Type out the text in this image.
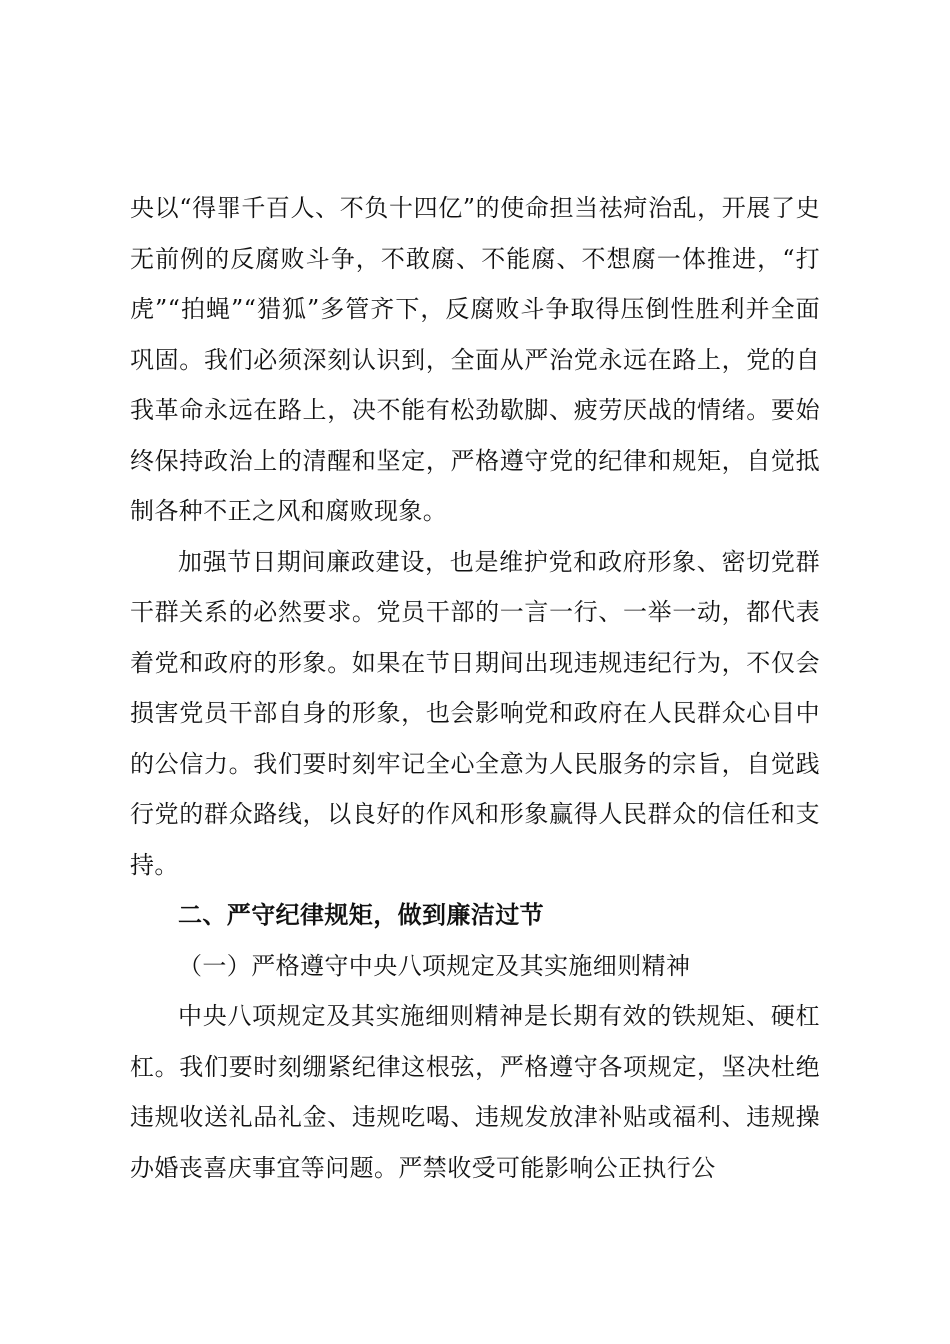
央以“得罪千百人、不负十四亿”的使命担当祛疴治乱，开展了史无前例的反腐败斗争，不敢腐、不能腐、不想腐一体推进，“打虎”“拍蝇”“猎狐”多管齐下，反腐败斗争取得压倒性胜利并全面巩固。我们必须深刻认识到，全面从严治党永远在路上，党的自我革命永远在路上，决不能有松劲歇脚、疲劳厌战的情绪。要始终保持政治上的清醒和坚定，严格遵守党的纪律和规矩，自觉抵制各种不正之风和腐败现象。

加强节日期间廉政建设，也是维护党和政府形象、密切党群干群关系的必然要求。党员干部的一言一行、一举一动，都代表着党和政府的形象。如果在节日期间出现违规违纪行为，不仅会损害党员干部自身的形象，也会影响党和政府在人民群众心目中的公信力。我们要时刻牢记全心全意为人民服务的宗旨，自觉践行党的群众路线，以良好的作风和形象赢得人民群众的信任和支持。

二、严守纪律规矩，做到廉洁过节

（一）严格遵守中央八项规定及其实施细则精神

中央八项规定及其实施细则精神是长期有效的铁规矩、硬杠杠。我们要时刻绷紧纪律这根弦，严格遵守各项规定，坚决杜绝违规收送礼品礼金、违规吃喝、违规发放津补贴或福利、违规操办婚丧喜庆事宜等问题。严禁收受可能影响公正执行公
